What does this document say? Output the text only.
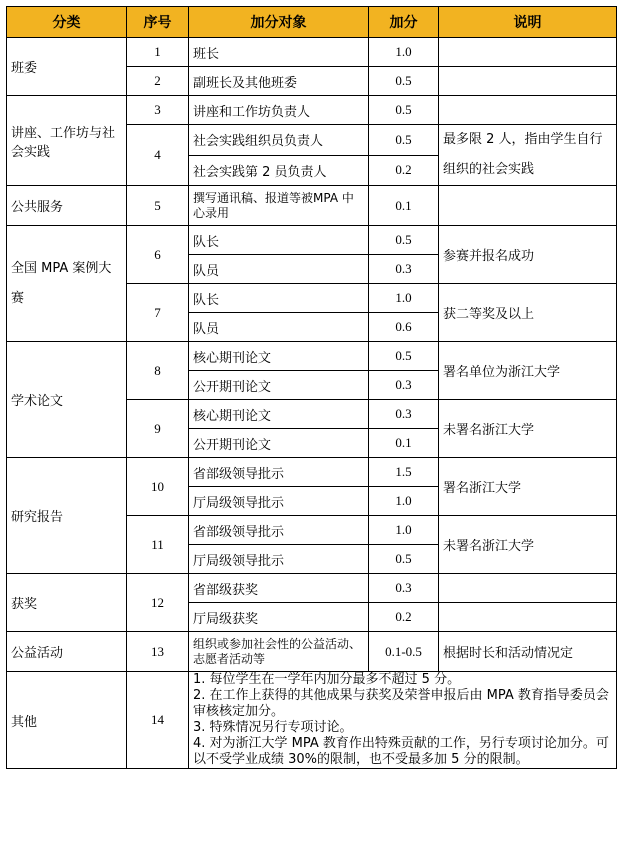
分类	序号	加分对象	加分	说明
班委	1	班长	1.0	
	2	副班长及其他班委	0.5	
讲座、工作坊与社会实践	3	讲座和工作坊负责人	0.5	
	4	社会实践组织员负责人	0.5	最多限 2 人，指由学生自行组织的社会实践
		社会实践第 2 员负责人	0.2	
公共服务	5	撰写通讯稿、报道等被MPA 中心录用	0.1	
全国 MPA 案例大赛	6	队长	0.5	参赛并报名成功
		队员	0.3	
	7	队长	1.0	获二等奖及以上
		队员	0.6	
学术论文	8	核心期刊论文	0.5	署名单位为浙江大学
		公开期刊论文	0.3	
	9	核心期刊论文	0.3	未署名浙江大学
		公开期刊论文	0.1	
研究报告	10	省部级领导批示	1.5	署名浙江大学
		厅局级领导批示	1.0	
	11	省部级领导批示	1.0	未署名浙江大学
		厅局级领导批示	0.5	
获奖	12	省部级获奖	0.3	
		厅局级获奖	0.2	
公益活动	13	组织或参加社会性的公益活动、志愿者活动等	0.1-0.5	根据时长和活动情况定
其他	14	1. 每位学生在一学年内加分最多不超过 5 分。
2. 在工作上获得的其他成果与获奖及荣誉申报后由 MPA 教育指导委员会审核核定加分。
3. 特殊情况另行专项讨论。
4. 对为浙江大学 MPA 教育作出特殊贡献的工作，另行专项讨论加分。可以不受学业成绩 30%的限制，也不受最多加 5 分的限制。		
